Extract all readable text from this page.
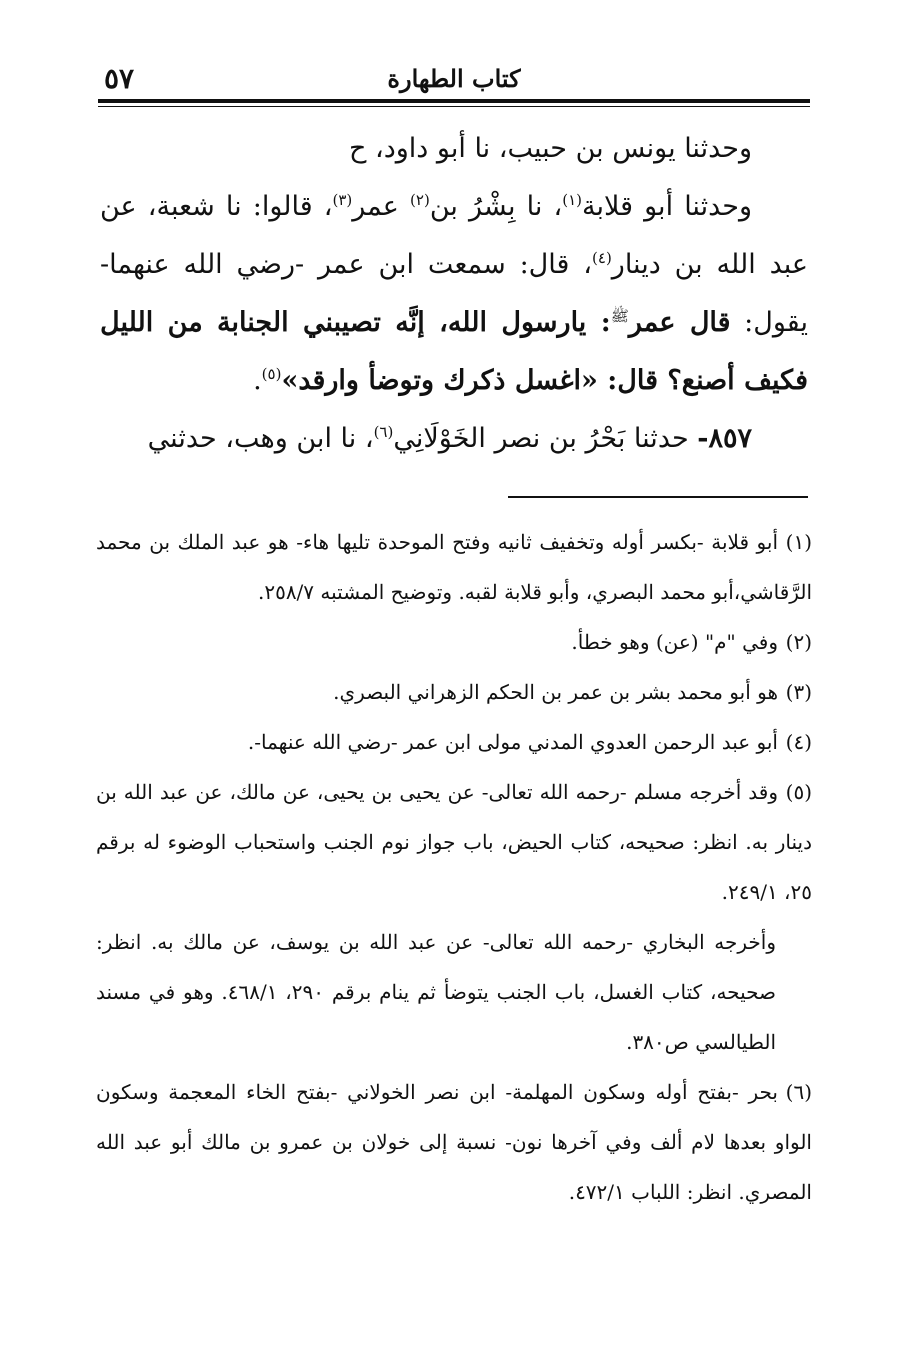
٥٧	كتاب الطهارة

وحدثنا يونس بن حبيب، نا أبو داود، ح

وحدثنا أبو قلابة$^{(١)}$، نا بِشْرُ بن$^{(٢)}$ عمر$^{(٣)}$، قالوا: نا شعبة، عن عبد الله بن دينار$^{(٤)}$، قال: سمعت ابن عمر -رضي الله عنهما- يقول: قال عمر$^ﷺ$: يارسول الله، إنَّه تصيبني الجنابة من الليل فكيف أصنع؟ قال: «اغسل ذكرك وتوضأ وارقد»$^{(٥)}$.

٨٥٧- حدثنا بَحْرُ بن نصر الخَوْلَانِي$^{(٦)}$، نا ابن وهب، حدثني

(١)أبو قلابة -بكسر أوله وتخفيف ثانيه وفتح الموحدة تليها هاء- هو عبد الملك بن محمد الرَّقاشي،أبو محمد البصري، وأبو قلابة لقبه. وتوضيح المشتبه ٢٥٨/٧.

(٢)وفي "م" (عن) وهو خطأ.

(٣)هو أبو محمد بشر بن عمر بن الحكم الزهراني البصري.

(٤)أبو عبد الرحمن العدوي المدني مولى ابن عمر -رضي الله عنهما-.

(٥)وقد أخرجه مسلم -رحمه الله تعالى- عن يحيى بن يحيى، عن مالك، عن عبد الله بن دينار به. انظر: صحيحه، كتاب الحيض، باب جواز نوم الجنب واستحباب الوضوء له برقم ٢٥، ٢٤٩/١.

وأخرجه البخاري -رحمه الله تعالى- عن عبد الله بن يوسف، عن مالك به. انظر: صحيحه، كتاب الغسل، باب الجنب يتوضأ ثم ينام برقم ٢٩٠، ٤٦٨/١. وهو في مسند الطيالسي ص٣٨٠.

(٦)بحر -بفتح أوله وسكون المهلمة- ابن نصر الخولاني -بفتح الخاء المعجمة وسكون الواو بعدها لام ألف وفي آخرها نون- نسبة إلى خولان بن عمرو بن مالك أبو عبد الله المصري. انظر: اللباب ٤٧٢/١.
